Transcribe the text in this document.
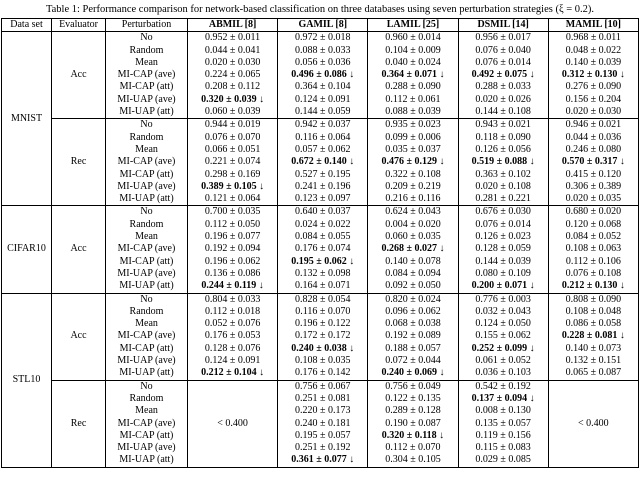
Table 1: Performance comparison for network-based classification on three databases using seven perturbation strategies (ξ = 0.2).
Data set	Evaluator	Perturbation	ABMIL [8]	GAMIL [8]	LAMIL [25]	DSMIL [14]	MAMIL [10]
MNIST	Acc	No	0.952 ± 0.011	0.972 ± 0.018	0.960 ± 0.014	0.956 ± 0.017	0.968 ± 0.011
		Random	0.044 ± 0.041	0.088 ± 0.033	0.104 ± 0.009	0.076 ± 0.040	0.048 ± 0.022
		Mean	0.020 ± 0.030	0.056 ± 0.036	0.040 ± 0.024	0.076 ± 0.014	0.140 ± 0.039
		MI-CAP (ave)	0.224 ± 0.065	0.496 ± 0.086 ↓	0.364 ± 0.071 ↓	0.492 ± 0.075 ↓	0.312 ± 0.130 ↓
		MI-CAP (att)	0.208 ± 0.112	0.364 ± 0.104	0.288 ± 0.090	0.288 ± 0.033	0.276 ± 0.090
		MI-UAP (ave)	0.320 ± 0.039 ↓	0.124 ± 0.091	0.112 ± 0.061	0.020 ± 0.026	0.156 ± 0.204
		MI-UAP (att)	0.060 ± 0.039	0.144 ± 0.059	0.088 ± 0.039	0.144 ± 0.108	0.020 ± 0.030
	Rec	No	0.944 ± 0.019	0.942 ± 0.037	0.935 ± 0.023	0.943 ± 0.021	0.946 ± 0.021
		Random	0.076 ± 0.070	0.116 ± 0.064	0.099 ± 0.006	0.118 ± 0.090	0.044 ± 0.036
		Mean	0.066 ± 0.051	0.057 ± 0.062	0.035 ± 0.037	0.126 ± 0.056	0.246 ± 0.080
		MI-CAP (ave)	0.221 ± 0.074	0.672 ± 0.140 ↓	0.476 ± 0.129 ↓	0.519 ± 0.088 ↓	0.570 ± 0.317 ↓
		MI-CAP (att)	0.298 ± 0.169	0.527 ± 0.195	0.322 ± 0.108	0.363 ± 0.102	0.415 ± 0.120
		MI-UAP (ave)	0.389 ± 0.105 ↓	0.241 ± 0.196	0.209 ± 0.219	0.020 ± 0.108	0.306 ± 0.389
		MI-UAP (att)	0.121 ± 0.064	0.123 ± 0.097	0.216 ± 0.116	0.281 ± 0.221	0.020 ± 0.035
CIFAR10	Acc	No	0.700 ± 0.035	0.640 ± 0.037	0.624 ± 0.043	0.676 ± 0.030	0.680 ± 0.020
		Random	0.112 ± 0.050	0.024 ± 0.022	0.004 ± 0.020	0.076 ± 0.014	0.120 ± 0.068
		Mean	0.196 ± 0.077	0.084 ± 0.055	0.060 ± 0.035	0.126 ± 0.023	0.084 ± 0.052
		MI-CAP (ave)	0.192 ± 0.094	0.176 ± 0.074	0.268 ± 0.027 ↓	0.128 ± 0.059	0.108 ± 0.063
		MI-CAP (att)	0.196 ± 0.062	0.195 ± 0.062 ↓	0.140 ± 0.078	0.144 ± 0.039	0.112 ± 0.106
		MI-UAP (ave)	0.136 ± 0.086	0.132 ± 0.098	0.084 ± 0.094	0.080 ± 0.109	0.076 ± 0.108
		MI-UAP (att)	0.244 ± 0.119 ↓	0.164 ± 0.071	0.092 ± 0.050	0.200 ± 0.071 ↓	0.212 ± 0.130 ↓
STL10	Acc	No	0.804 ± 0.033	0.828 ± 0.054	0.820 ± 0.024	0.776 ± 0.003	0.808 ± 0.090
		Random	0.112 ± 0.018	0.116 ± 0.070	0.096 ± 0.062	0.032 ± 0.043	0.108 ± 0.048
		Mean	0.052 ± 0.076	0.196 ± 0.122	0.068 ± 0.038	0.124 ± 0.050	0.086 ± 0.058
		MI-CAP (ave)	0.176 ± 0.053	0.172 ± 0.172	0.192 ± 0.089	0.155 ± 0.062	0.228 ± 0.081 ↓
		MI-CAP (att)	0.128 ± 0.076	0.240 ± 0.038 ↓	0.188 ± 0.057	0.252 ± 0.099 ↓	0.140 ± 0.073
		MI-UAP (ave)	0.124 ± 0.091	0.108 ± 0.035	0.072 ± 0.044	0.061 ± 0.052	0.132 ± 0.151
		MI-UAP (att)	0.212 ± 0.104 ↓	0.176 ± 0.142	0.240 ± 0.069 ↓	0.036 ± 0.103	0.065 ± 0.087
	Rec	No	< 0.400	0.756 ± 0.067	0.756 ± 0.049	0.542 ± 0.192	< 0.400
		Random		0.251 ± 0.081	0.122 ± 0.135	0.137 ± 0.094 ↓	
		Mean		0.220 ± 0.173	0.289 ± 0.128	0.008 ± 0.130	
		MI-CAP (ave)		0.240 ± 0.181	0.190 ± 0.087	0.135 ± 0.057	
		MI-CAP (att)		0.195 ± 0.057	0.320 ± 0.118 ↓	0.119 ± 0.156	
		MI-UAP (ave)		0.251 ± 0.192	0.112 ± 0.070	0.115 ± 0.083	
		MI-UAP (att)		0.361 ± 0.077 ↓	0.304 ± 0.105	0.029 ± 0.085	
